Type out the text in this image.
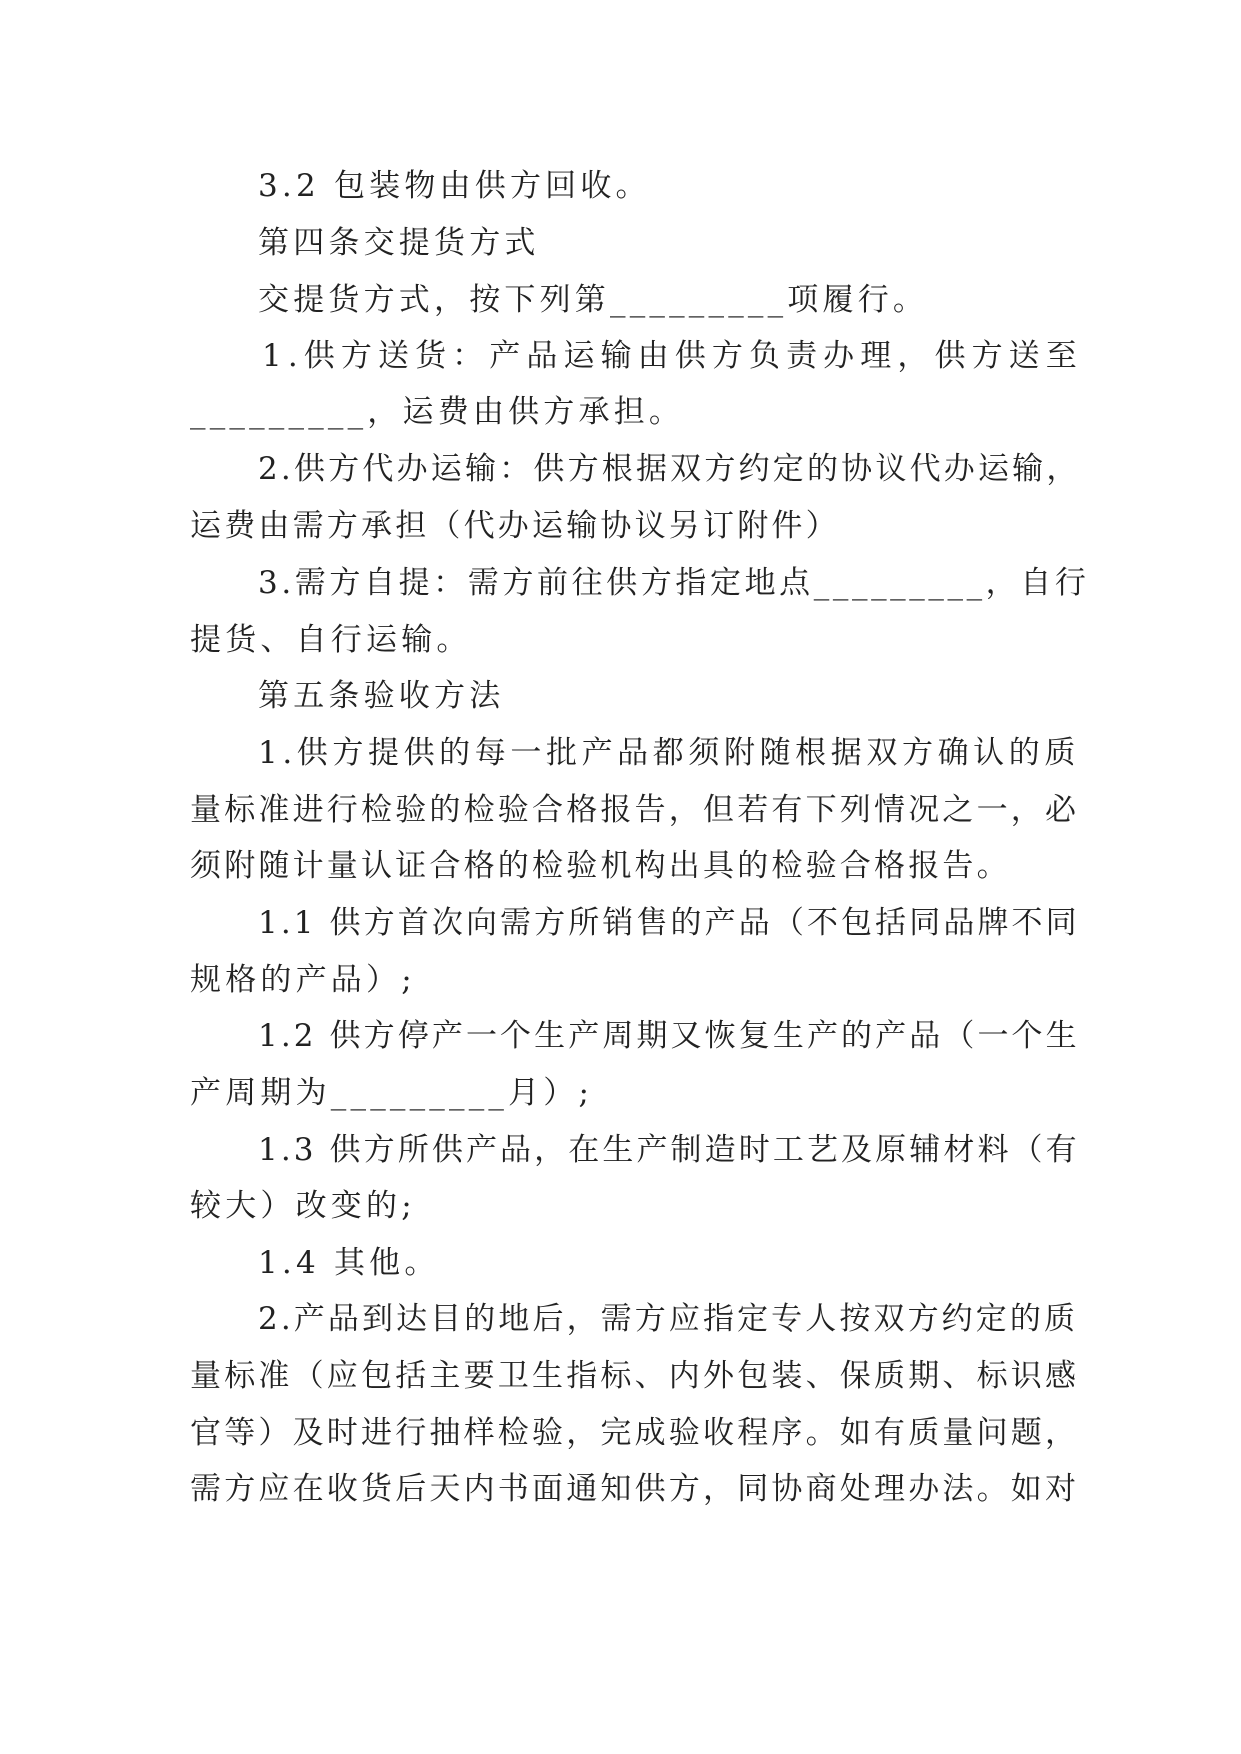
3.2 包装物由供方回收。
第四条交提货方式
交提货方式，按下列第_________项履行。
1.供方送货：产品运输由供方负责办理，供方送至
_________，运费由供方承担。
2.供方代办运输：供方根据双方约定的协议代办运输，
运费由需方承担（代办运输协议另订附件）
3.需方自提：需方前往供方指定地点_________，自行
提货、自行运输。
第五条验收方法
1.供方提供的每一批产品都须附随根据双方确认的质
量标准进行检验的检验合格报告，但若有下列情况之一，必
须附随计量认证合格的检验机构出具的检验合格报告。
1.1 供方首次向需方所销售的产品（不包括同品牌不同
规格的产品）;
1.2 供方停产一个生产周期又恢复生产的产品（一个生
产周期为_________月）;
1.3 供方所供产品，在生产制造时工艺及原辅材料（有
较大）改变的;
1.4 其他。
2.产品到达目的地后，需方应指定专人按双方约定的质
量标准（应包括主要卫生指标、内外包装、保质期、标识感
官等）及时进行抽样检验，完成验收程序。如有质量问题，
需方应在收货后天内书面通知供方，同协商处理办法。如对
